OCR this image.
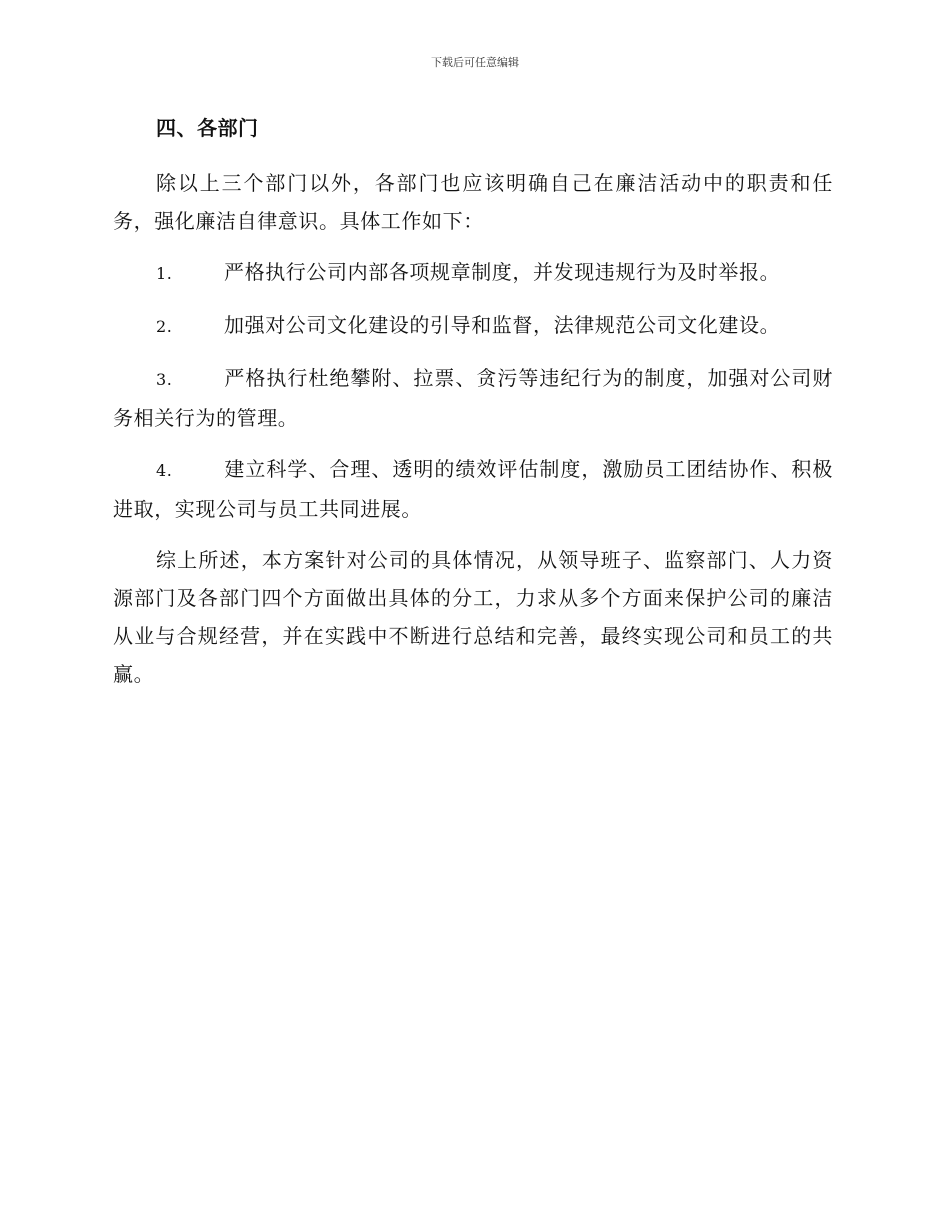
下载后可任意编辑
四、各部门

除以上三个部门以外，各部门也应该明确自己在廉洁活动中的职责和任务，强化廉洁自律意识。具体工作如下：

1.	严格执行公司内部各项规章制度，并发现违规行为及时举报。

2.	加强对公司文化建设的引导和监督，法律规范公司文化建设。

3.	严格执行杜绝攀附、拉票、贪污等违纪行为的制度，加强对公司财务相关行为的管理。

4.	建立科学、合理、透明的绩效评估制度，激励员工团结协作、积极进取，实现公司与员工共同进展。

综上所述，本方案针对公司的具体情况，从领导班子、监察部门、人力资源部门及各部门四个方面做出具体的分工，力求从多个方面来保护公司的廉洁从业与合规经营，并在实践中不断进行总结和完善，最终实现公司和员工的共赢。
